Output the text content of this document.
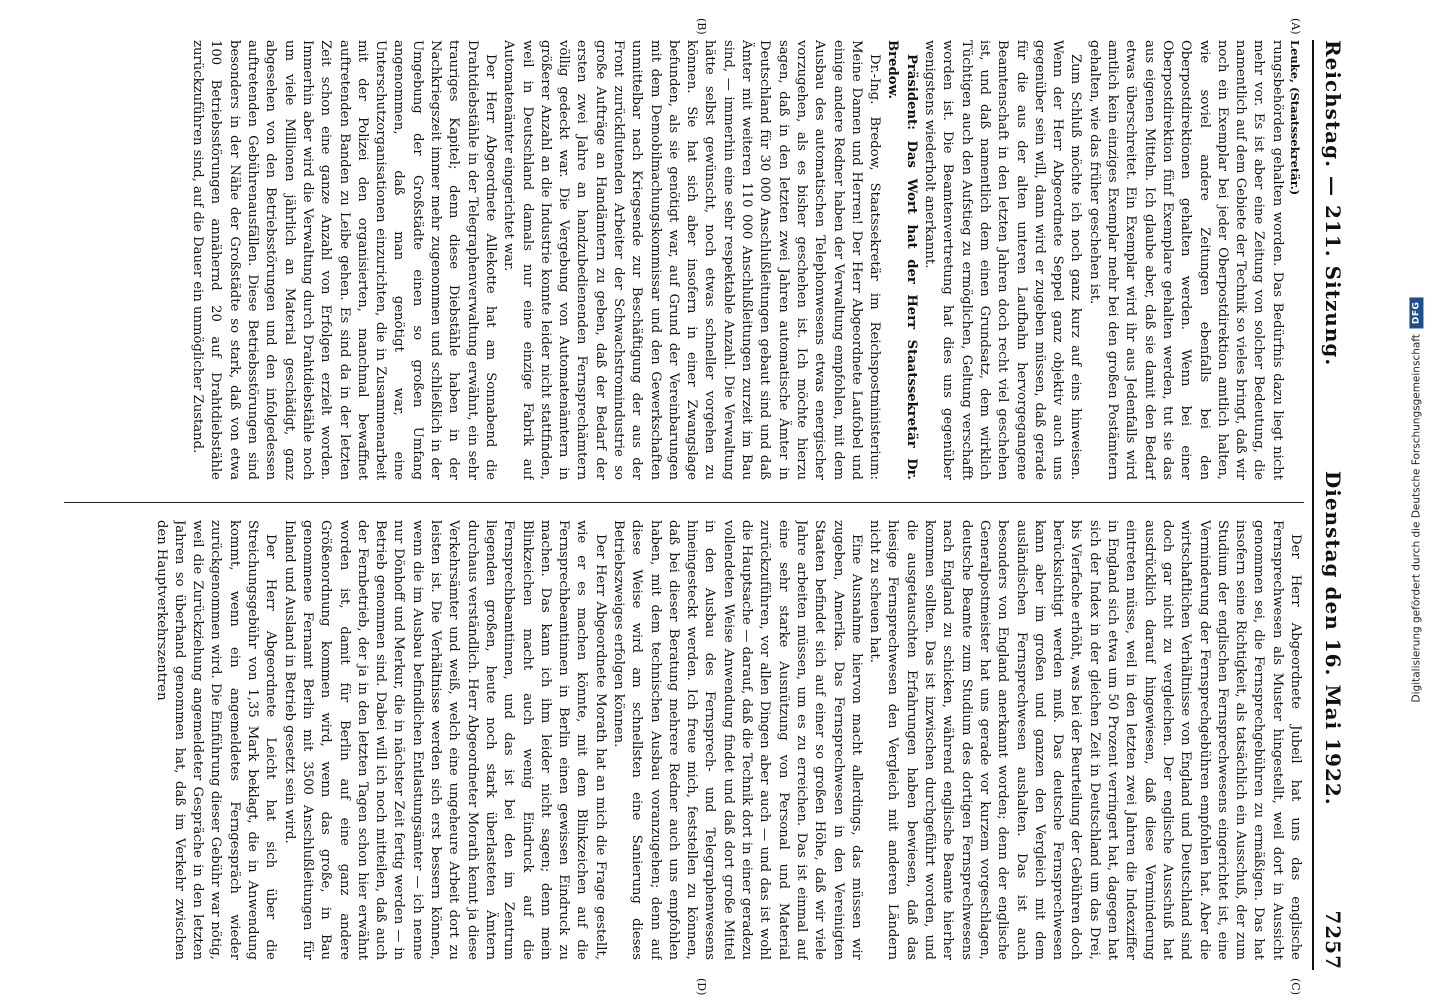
Reichstag. — 211. Sitzung.
Dienstag den 16. Mai 1922.
7257
(A)
(B)
(C)
(D)

Leuke, (Staatssekretär.)

rungsbehörden gehalten worden. Das Bedürfnis dazu liegt nicht mehr vor. Es ist aber eine Zeitung von solcher Bedeutung, die namentlich auf dem Gebiete der Technik so vieles bringt, daß wir noch ein Exemplar bei jeder Oberpostdirektion amtlich halten, wie soviel andere Zeitungen ebenfalls bei den Oberpostdirektionen gehalten werden. Wenn bei einer Oberpostdirektion fünf Exemplare gehalten werden, tut sie das aus eigenen Mitteln. Ich glaube aber, daß sie damit den Bedarf etwas überschreitet. Ein Exemplar wird ihr aus Jedenfalls wird amtlich kein einziges Exemplar mehr bei den großen Postämtern gehalten, wie das früher geschehen ist.

Zum Schluß möchte ich noch ganz kurz auf eins hinweisen. Wenn der Herr Abgeordnete Seppel ganz objektiv auch uns gegenüber sein will, dann wird er zugeben müssen, daß gerade für die aus der alten unteren Laufbahn hervorgegangene Beamtenschaft in den letzten Jahren doch recht viel geschehen ist, und daß namentlich dem einen Grundsatz, dem wirklich Tüchtigen auch den Aufstieg zu ermöglichen, Geltung verschafft worden ist. Die Beamtenvertretung hat dies uns gegenüber wenigstens wiederholt anerkannt.

Präsident: Das Wort hat der Herr Staatssekretär Dr. Bredow.

Dr.-Ing. Bredow, Staatssekretär im Reichspostministerium: Meine Damen und Herren! Der Herr Abgeordnete Laufobel und einige andere Redner haben der Verwaltung empfohlen, mit dem Ausbau des automatischen Telephonwesens etwas energischer vorzugehen, als es bisher geschehen ist. Ich möchte hierzu sagen, daß in den letzten zwei Jahren automatische Ämter in Deutschland für 30 000 Anschlußleitungen gebaut sind und daß Ämter mit weiteren 110 000 Anschlußleitungen zurzeit im Bau sind, — immerhin eine sehr respektable Anzahl. Die Verwaltung hätte selbst gewünscht, noch etwas schneller vorgehen zu können. Sie hat sich aber insofern in einer Zwangslage befunden, als sie genötigt war, auf Grund der Vereinbarungen mit dem Demobilmachungskommissar und den Gewerkschaften unmittelbar nach Kriegsende zur Beschäftigung der aus der Front zurückflutenden Arbeiter der Schwachstromindustrie so große Aufträge an Handämtern zu geben, daß der Bedarf der ersten zwei Jahre an handzubedienenden Fernsprechämtern völlig gedeckt war. Die Vergebung von Automatenämtern in größerer Anzahl an die Industrie konnte leider nicht stattfinden, weil in Deutschland damals nur eine einzige Fabrik auf Automatenämter eingerichtet war.

Der Herr Abgeordnete Allekotte hat am Sonnabend die Drahtdiebstähle in der Telegraphenverwaltung erwähnt, ein sehr trauriges Kapitel; denn diese Diebstähle haben in der Nachkriegszeit immer mehr zugenommen und schließlich in der Umgebung der Großstädte einen so großen Umfang angenommen, daß man genötigt war, eine Unterschutzorganisationen einzurichten, die in Zusammenarbeit mit der Polizei den organisierten, manchmal bewaffnet auftretenden Banden zu Leibe gehen. Es sind da in der letzten Zeit schon eine ganze Anzahl von Erfolgen erzielt worden. Immerhin aber wird die Verwaltung durch Drahtdiebstähle noch um viele Millionen jährlich an Material geschädigt, ganz abgesehen von den Betriebsstörungen und den infolgedessen auftretenden Gebührenausfällen. Diese Betriebsstörungen sind besonders in der Nähe der Großstädte so stark, daß von etwa 100 Betriebsstörungen annähernd 20 auf Drahtdiebstähle zurückzuführen sind, auf die Dauer ein unmöglicher Zustand.

Der Herr Abgeordnete Jubeil hat uns das englische Fernsprechwesen als Muster hingestellt, weil dort in Aussicht genommen sei, die Fernsprechgebühren zu ermäßigen. Das hat insofern seine Richtigkeit, als tatsächlich ein Ausschuß, der zum Studium der englischen Fernsprechwesens eingerichtet ist, eine Verminderung der Fernsprechgebühren empfohlen hat. Aber die wirtschaftlichen Verhältnisse von England und Deutschland sind doch gar nicht zu vergleichen. Der englische Ausschuß hat ausdrücklich darauf hingewiesen, daß diese Verminderung eintreten müsse, weil in den letzten zwei Jahren die Indexziffer in England sich etwa um 50 Prozent verringert hat, dagegen hat sich der Index in der gleichen Zeit in Deutschland um das Drei, bis Vierfache erhöht, was bei der Beurteilung der Gebühren doch berücksichtigt werden muß. Das deutsche Fernsprechwesen kann aber im großen und ganzen den Vergleich mit dem ausländischen Fernsprechwesen aushalten. Das ist auch besonders von England anerkannt worden; denn der englische Generalpostmeister hat uns gerade vor kurzem vorgeschlagen, deutsche Beamte zum Studium des dortigen Fernsprechwesens nach England zu schicken, während englische Beamte hierher kommen sollten. Das ist inzwischen durchgeführt worden, und die ausgetauschten Erfahrungen haben bewiesen, daß das hiesige Fernsprechwesen den Vergleich mit anderen Ländern nicht zu scheuen hat.

Eine Ausnahme hiervon macht allerdings, das müssen wir zugeben, Amerika. Das Fernsprechwesen in den Vereinigten Staaten befindet sich auf einer so großen Höhe, daß wir viele Jahre arbeiten müssen, um es zu erreichen. Das ist einmal auf eine sehr starke Ausnützung von Personal und Material zurückzuführen, vor allen Dingen aber auch — und das ist wohl die Hauptsache — darauf, daß die Technik dort in einer geradezu vollendeten Weise Anwendung findet und daß dort große Mittel in den Ausbau des Fernsprech- und Telegraphenwesens hineingesteckt werden. Ich freue mich, feststellen zu können, daß bei dieser Beratung mehrere Redner auch uns empfohlen haben, mit dem technischen Ausbau voranzugehen; denn auf diese Weise wird am schnellsten eine Sanierung dieses Betriebszweiges erfolgen können.

Der Herr Abgeordnete Morath hat an mich die Frage gestellt, wie er es machen könnte, mit dem Blinkzeichen auf die Fernsprechbeamtinnen in Berlin einen gewissen Eindruck zu machen. Das kann ich ihm leider nicht sagen; denn mein Blinkzeichen macht auch wenig Eindruck auf die Fernsprechbeamtinnen, und das ist bei den im Zentrum liegenden großen, heute noch stark überlasteten Ämtern durchaus verständlich. Herr Abgeordneter Morath kennt ja diese Verkehrsämter und weiß, welch eine ungeheure Arbeit dort zu leisten ist. Die Verhältnisse werden sich erst bessern können, wenn die im Ausbau befindlichen Entlastungsämter — ich nenne nur Dönhoff und Merkur, die in nächster Zeit fertig werden — in Betrieb genommen sind. Dabei will ich noch mitteilen, daß auch der Fernbetrieb, der ja in den letzten Tagen schon hier erwähnt worden ist, damit für Berlin auf eine ganz andere Größenordnung kommen wird, wenn das große, in Bau genommene Fernamt Berlin mit 3500 Anschlußleitungen für Inland und Ausland in Betrieb gesetzt sein wird.

Der Herr Abgeordnete Leicht hat sich über die Streichungsgebühr von 1,35 Mark beklagt, die in Anwendung kommt, wenn ein angemeldetes Ferngespräch wieder zurückgenommen wird. Die Einführung dieser Gebühr war nötig, weil die Zurückziehung angemeldeter Gespräche in den letzten Jahren so überhand genommen hat, daß im Verkehr zwischen den Hauptverkehrszentren	Digitalisierung gefördert durch die Deutsche Forschungsgemeinschaft
DFG
